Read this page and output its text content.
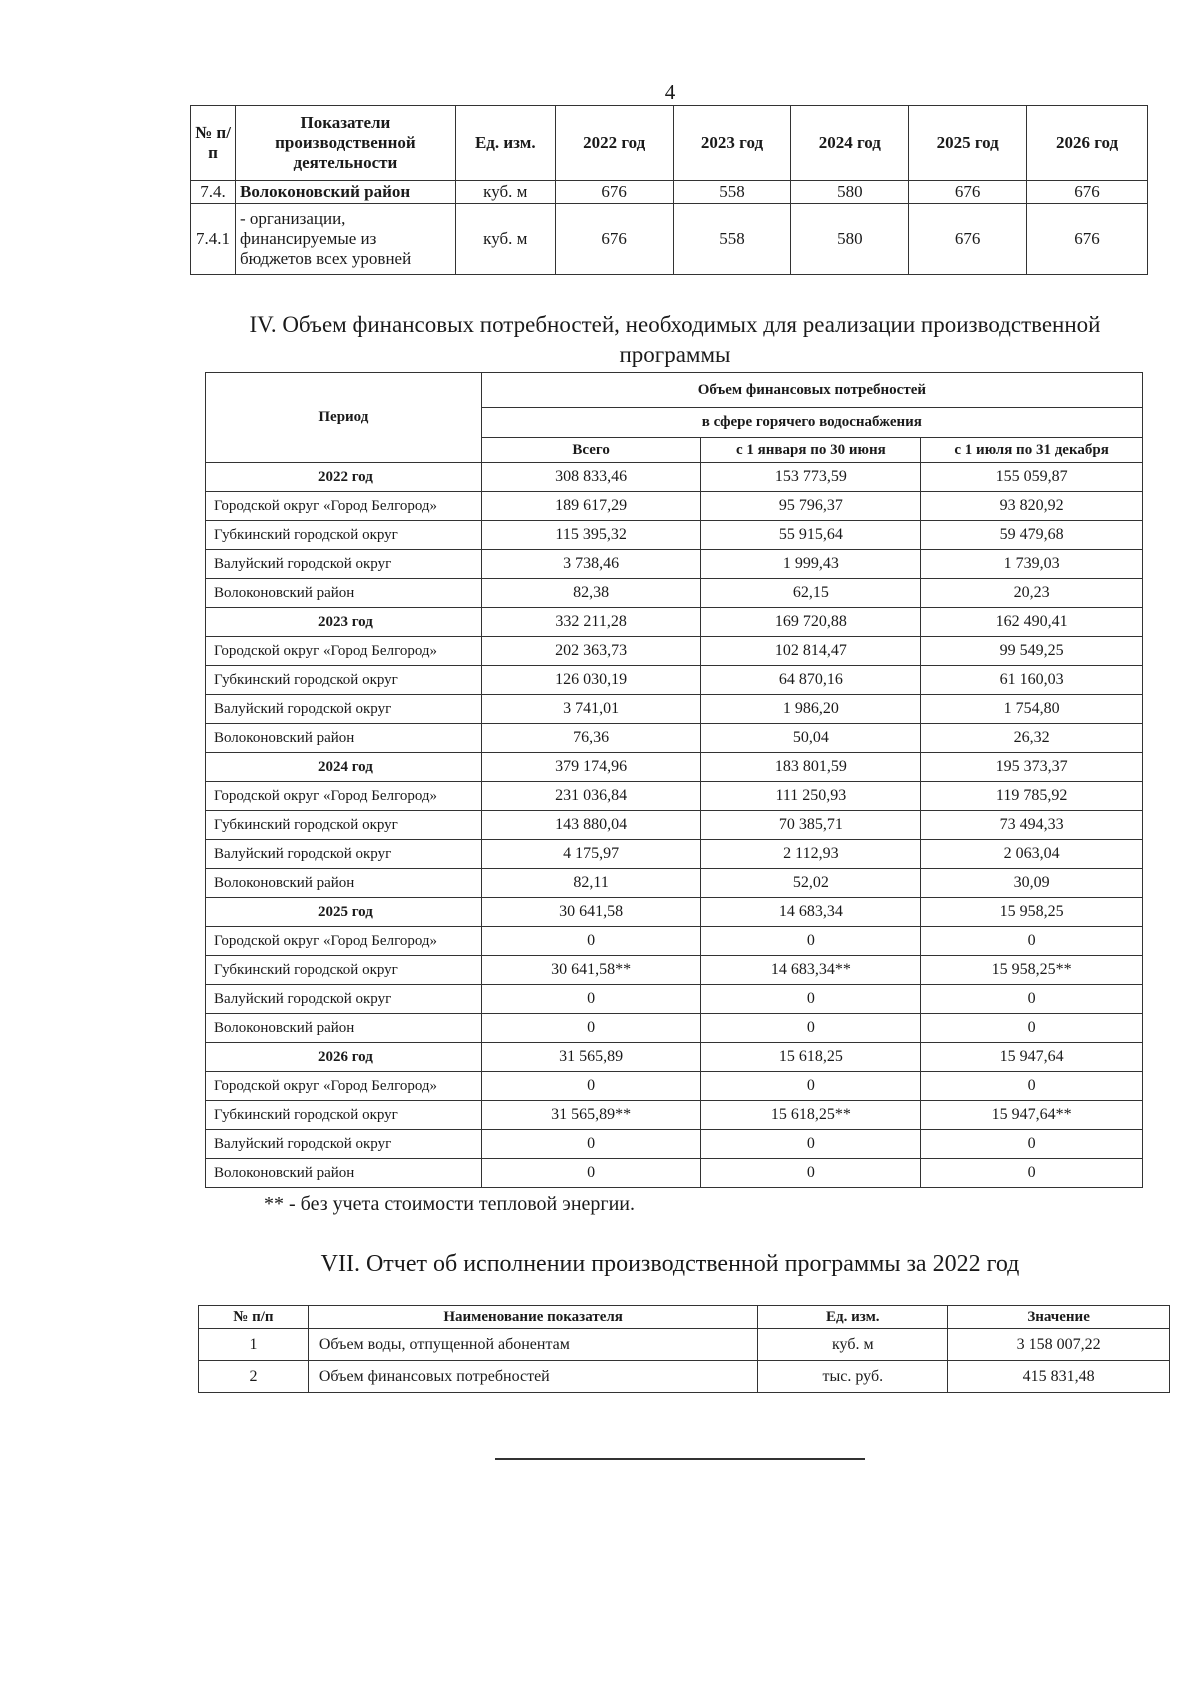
4
№ п/п	Показатели производственной деятельности	Ед. изм.	2022 год	2023 год	2024 год	2025 год	2026 год
7.4.	Волоконовский район	куб. м	676	558	580	676	676
7.4.1	- организации, финансируемые из бюджетов всех уровней	куб. м	676	558	580	676	676
IV. Объем финансовых потребностей, необходимых для реализации производственной программы
Период	Объем финансовых потребностей		
	в сфере горячего водоснабжения		
	Всего	с 1 января по 30 июня	с 1 июля по 31 декабря
2022 год	308 833,46	153 773,59	155 059,87
Городской округ «Город Белгород»	189 617,29	95 796,37	93 820,92
Губкинский городской округ	115 395,32	55 915,64	59 479,68
Валуйский городской округ	3 738,46	1 999,43	1 739,03
Волоконовский район	82,38	62,15	20,23
2023 год	332 211,28	169 720,88	162 490,41
Городской округ «Город Белгород»	202 363,73	102 814,47	99 549,25
Губкинский городской округ	126 030,19	64 870,16	61 160,03
Валуйский городской округ	3 741,01	1 986,20	1 754,80
Волоконовский район	76,36	50,04	26,32
2024 год	379 174,96	183 801,59	195 373,37
Городской округ «Город Белгород»	231 036,84	111 250,93	119 785,92
Губкинский городской округ	143 880,04	70 385,71	73 494,33
Валуйский городской округ	4 175,97	2 112,93	2 063,04
Волоконовский район	82,11	52,02	30,09
2025 год	30 641,58	14 683,34	15 958,25
Городской округ «Город Белгород»	0	0	0
Губкинский городской округ	30 641,58**	14 683,34**	15 958,25**
Валуйский городской округ	0	0	0
Волоконовский район	0	0	0
2026 год	31 565,89	15 618,25	15 947,64
Городской округ «Город Белгород»	0	0	0
Губкинский городской округ	31 565,89**	15 618,25**	15 947,64**
Валуйский городской округ	0	0	0
Волоконовский район	0	0	0
** - без учета стоимости тепловой энергии.
VII. Отчет об исполнении производственной программы за 2022 год
№ п/п	Наименование показателя	Ед. изм.	Значение
1	Объем воды, отпущенной абонентам	куб. м	3 158 007,22
2	Объем финансовых потребностей	тыс. руб.	415 831,48
